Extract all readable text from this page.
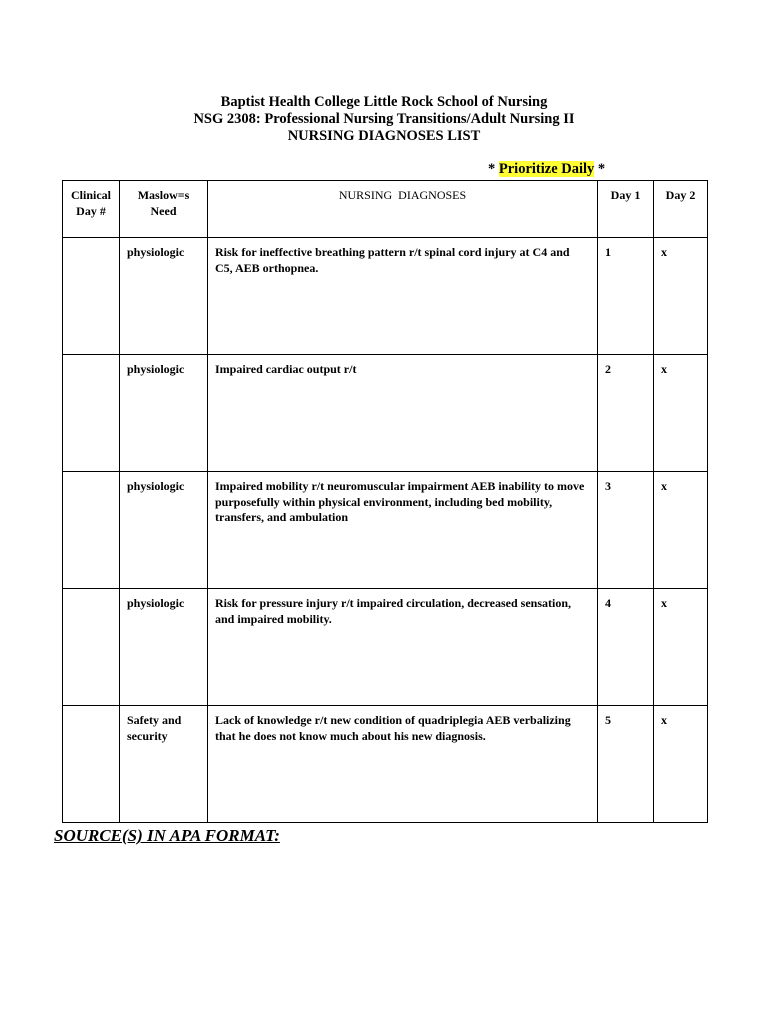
Baptist Health College Little Rock School of Nursing
NSG 2308: Professional Nursing Transitions/Adult Nursing II
NURSING DIAGNOSES LIST
* Prioritize Daily *
Clinical Day #	Maslow=s Need	NURSING  DIAGNOSES	Day 1	Day 2
	physiologic	Risk for ineffective breathing pattern r/t spinal cord injury at C4 and C5, AEB orthopnea.	1	x
	physiologic	Impaired cardiac output r/t	2	x
	physiologic	Impaired mobility r/t neuromuscular impairment AEB inability to move purposefully within physical environment, including bed mobility, transfers, and ambulation	3	x
	physiologic	Risk for pressure injury r/t impaired circulation, decreased sensation, and impaired mobility.	4	x
	Safety and security	Lack of knowledge r/t new condition of quadriplegia AEB verbalizing that he does not know much about his new diagnosis.	5	x
SOURCE(S) IN APA FORMAT:
